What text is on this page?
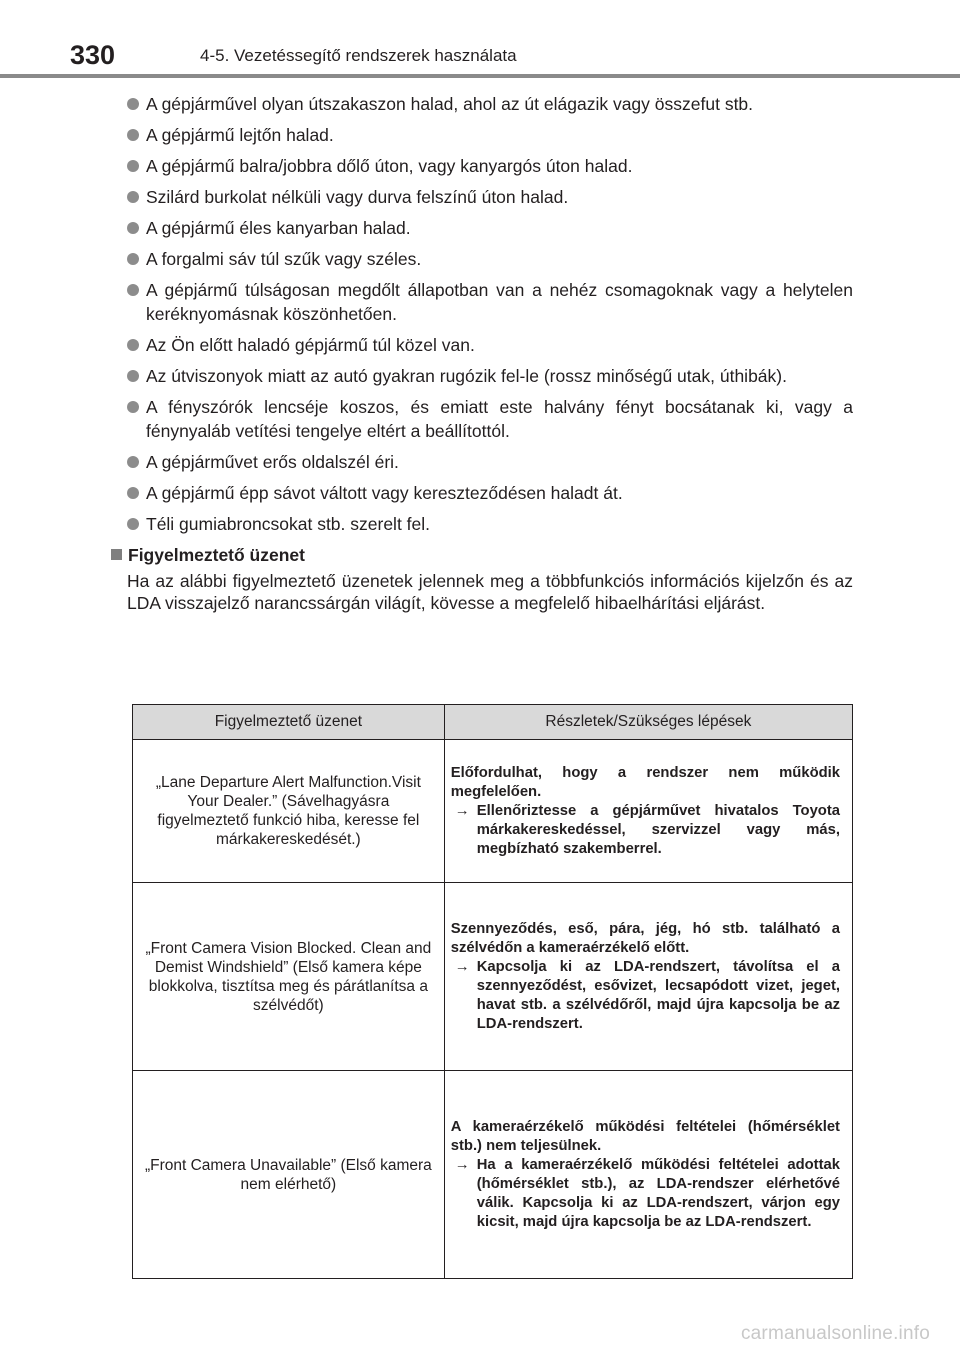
330	4-5. Vezetéssegítő rendszerek használata
A gépjárművel olyan útszakaszon halad, ahol az út elágazik vagy összefut stb.
A gépjármű lejtőn halad.
A gépjármű balra/jobbra dőlő úton, vagy kanyargós úton halad.
Szilárd burkolat nélküli vagy durva felszínű úton halad.
A gépjármű éles kanyarban halad.
A forgalmi sáv túl szűk vagy széles.
A gépjármű túlságosan megdőlt állapotban van a nehéz csomagoknak vagy a helytelen keréknyomásnak köszönhetően.
Az Ön előtt haladó gépjármű túl közel van.
Az útviszonyok miatt az autó gyakran rugózik fel-le (rossz minőségű utak, úthibák).
A fényszórók lencséje koszos, és emiatt este halvány fényt bocsátanak ki, vagy a fénynyaláb vetítési tengelye eltért a beállítottól.
A gépjárművet erős oldalszél éri.
A gépjármű épp sávot váltott vagy kereszteződésen haladt át.
Téli gumiabroncsokat stb. szerelt fel.
Figyelmeztető üzenet
Ha az alábbi figyelmeztető üzenetek jelennek meg a többfunkciós információs kijelzőn és az LDA visszajelző narancssárgán világít, kövesse a megfelelő hibaelhárítási eljárást.
Figyelmeztető üzenet	Részletek/Szükséges lépések
„Lane Departure Alert Malfunction.Visit Your Dealer.” (Sávelhagyásra figyelmeztető funkció hiba, keresse fel márkakereskedését.)	Előfordulhat, hogy a rendszer nem működik megfelelően.

→ Ellenőriztesse a gépjárművet hivatalos Toyota márkakereskedéssel, szervizzel vagy más, megbízható szakemberrel.

„Front Camera Vision Blocked. Clean and Demist Windshield” (Első kamera képe blokkolva, tisztítsa meg és párátlanítsa a szélvédőt)	Szennyeződés, eső, pára, jég, hó stb. található a szélvédőn a kameraérzékelő előtt.

→ Kapcsolja ki az LDA-rendszert, távolítsa el a szennyeződést, esővizet, lecsapódott vizet, jeget, havat stb. a szélvédőről, majd újra kapcsolja be az LDA-rendszert.

„Front Camera Unavailable” (Első kamera nem elérhető)	A kameraérzékelő működési feltételei (hőmérséklet stb.) nem teljesülnek.

→ Ha a kameraérzékelő működési feltételei adottak (hőmérséklet stb.), az LDA-rendszer elérhetővé válik. Kapcsolja ki az LDA-rendszert, várjon egy kicsit, majd újra kapcsolja be az LDA-rendszert.

carmanualsonline.info
